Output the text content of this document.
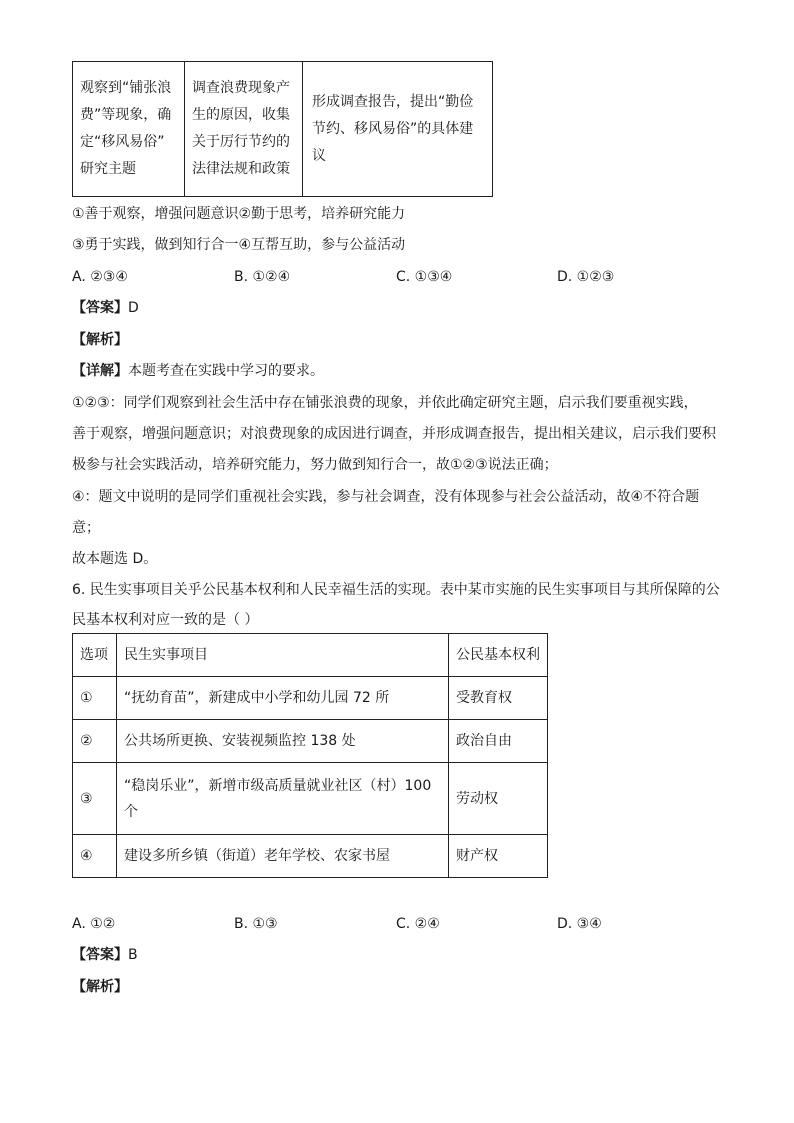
观察到“铺张浪
费”等现象，确
定“移风易俗”
研究主题

调查浪费现象产
生的原因，收集
关于厉行节约的
法律法规和政策

形成调查报告，提出“勤俭
节约、移风易俗”的具体建
议
①善于观察，增强问题意识②勤于思考，培养研究能力
③勇于实践，做到知行合一④互帮互助，参与公益活动
A. ②③④	B. ①②④	C. ①③④	D. ①②③
【答案】D
【解析】
【详解】本题考查在实践中学习的要求。
①②③：同学们观察到社会生活中存在铺张浪费的现象，并依此确定研究主题，启示我们要重视实践，
善于观察，增强问题意识；对浪费现象的成因进行调查，并形成调查报告，提出相关建议，启示我们要积
极参与社会实践活动，培养研究能力，努力做到知行合一，故①②③说法正确；
④：题文中说明的是同学们重视社会实践，参与社会调查，没有体现参与社会公益活动，故④不符合题
意；
故本题选 D。
6. 民生实事项目关乎公民基本权利和人民幸福生活的实现。表中某市实施的民生实事项目与其所保障的公
民基本权利对应一致的是（ ）
选项	民生实事项目	公民基本权利
①	“抚幼育苗”，新建成中小学和幼儿园 72 所	受教育权
②	公共场所更换、安装视频监控 138 处	政治自由
③	“稳岗乐业”，新增市级高质量就业社区（村）100
个	劳动权
④	建设多所乡镇（街道）老年学校、农家书屋	财产权
A. ①②	B. ①③	C. ②④	D. ③④
【答案】B
【解析】
